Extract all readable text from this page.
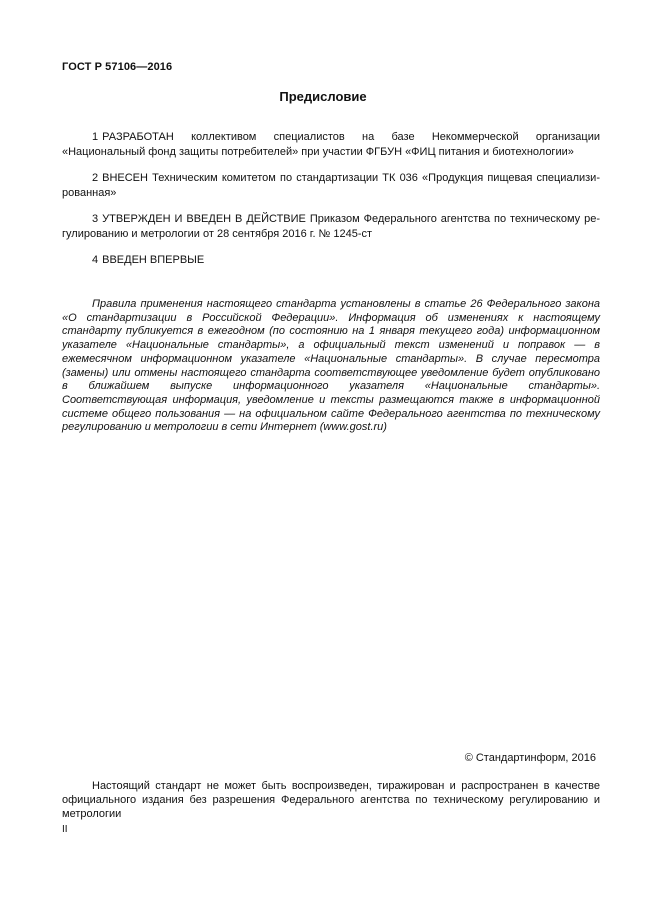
ГОСТ Р 57106—2016
Предисловие

1 РАЗРАБОТАН коллективом специалистов на базе Некоммерческой организации «Национальный фонд защиты потребителей» при участии ФГБУН «ФИЦ питания и биотехнологии»

2 ВНЕСЕН Техническим комитетом по стандартизации ТК 036 «Продукция пищевая специализированная»

3 УТВЕРЖДЕН И ВВЕДЕН В ДЕЙСТВИЕ Приказом Федерального агентства по техническому регулированию и метрологии от 28 сентября 2016 г. № 1245-ст

4 ВВЕДЕН ВПЕРВЫЕ

Правила применения настоящего стандарта установлены в статье 26 Федерального закона «О стандартизации в Российской Федерации». Информация об изменениях к настоящему стандарту публикуется в ежегодном (по состоянию на 1 января текущего года) информационном указателе «Национальные стандарты», а официальный текст изменений и поправок — в ежемесячном информационном указателе «Национальные стандарты». В случае пересмотра (замены) или отмены настоящего стандарта соответствующее уведомление будет опубликовано в ближайшем выпуске информационного указателя «Национальные стандарты». Соответствующая информация, уведомление и тексты размещаются также в информационной системе общего пользования — на официальном сайте Федерального агентства по техническому регулированию и метрологии в сети Интернет (www.gost.ru)
© Стандартинформ, 2016
Настоящий стандарт не может быть воспроизведен, тиражирован и распространен в качестве официального издания без разрешения Федерального агентства по техническому регулированию и метрологии
II
